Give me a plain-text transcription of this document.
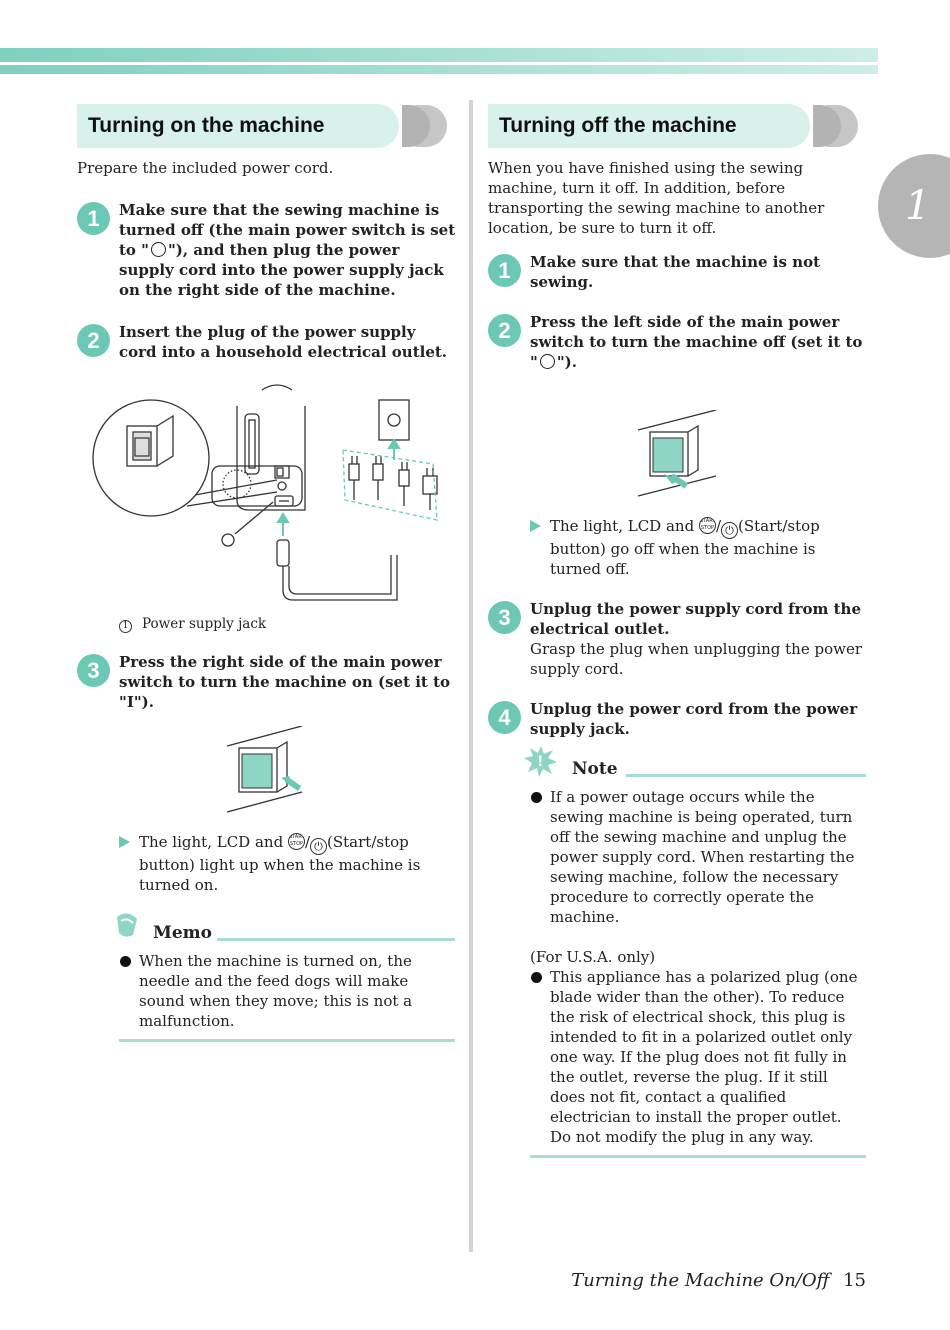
1
Turning on the machine
Prepare the included power cord.
1	Make sure that the sewing machine is turned off (the main power switch is set to " "), and then plug the power supply cord into the power supply jack on the right side of the machine.
2	Insert the plug of the power supply cord into a household electrical outlet.
1 Power supply jack
3	Press the right side of the main power switch to turn the machine on (set it to "I").
The light, LCD and START STOP / ⏻ (Start/stop button) light up when the machine is turned on.
Memo
When the machine is turned on, the needle and the feed dogs will make sound when they move; this is not a malfunction.
Turning off the machine
When you have finished using the sewing machine, turn it off. In addition, before transporting the sewing machine to another location, be sure to turn it off.
1	Make sure that the machine is not sewing.
2	Press the left side of the main power switch to turn the machine off (set it to " ").
The light, LCD and START STOP / ⏻ (Start/stop button) go off when the machine is turned off.
3	Unplug the power supply cord from the electrical outlet.
Grasp the plug when unplugging the power supply cord.
4	Unplug the power cord from the power supply jack.
! Note
If a power outage occurs while the sewing machine is being operated, turn off the sewing machine and unplug the power supply cord. When restarting the sewing machine, follow the necessary procedure to correctly operate the machine.
(For U.S.A. only)
This appliance has a polarized plug (one blade wider than the other). To reduce the risk of electrical shock, this plug is intended to fit in a polarized outlet only one way. If the plug does not fit fully in the outlet, reverse the plug. If it still does not fit, contact a qualified electrician to install the proper outlet. Do not modify the plug in any way.
Turning the Machine On/Off 15
